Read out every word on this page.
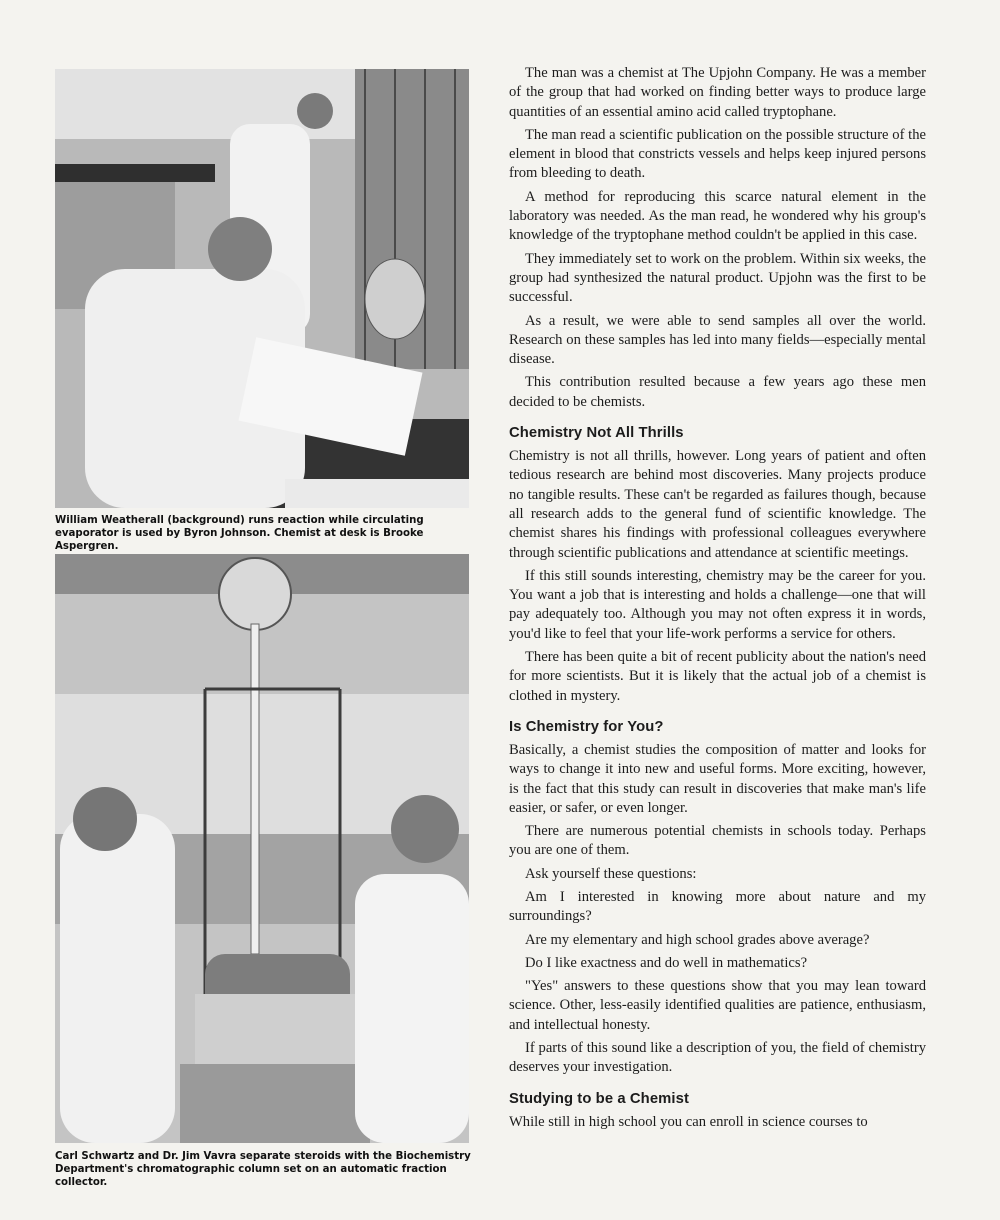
William Weatherall (background) runs reaction while circulating evaporator is used by Byron Johnson. Chemist at desk is Brooke Aspergren.
Carl Schwartz and Dr. Jim Vavra separate steroids with the Biochemistry Department's chromatographic column set on an automatic fraction collector.

The man was a chemist at The Upjohn Company. He was a member of the group that had worked on finding better ways to produce large quantities of an essential amino acid called tryptophane.

The man read a scientific publication on the possible structure of the element in blood that constricts vessels and helps keep injured persons from bleeding to death.

A method for reproducing this scarce natural element in the laboratory was needed. As the man read, he wondered why his group's knowledge of the tryptophane method couldn't be applied in this case.

They immediately set to work on the problem. Within six weeks, the group had synthesized the natural product. Upjohn was the first to be successful.

As a result, we were able to send samples all over the world. Research on these samples has led into many fields—especially mental disease.

This contribution resulted because a few years ago these men decided to be chemists.

Chemistry Not All Thrills

Chemistry is not all thrills, however. Long years of patient and often tedious research are behind most discoveries. Many projects produce no tangible results. These can't be regarded as failures though, because all research adds to the general fund of scientific knowledge. The chemist shares his findings with professional colleagues everywhere through scientific publications and attendance at scientific meetings.

If this still sounds interesting, chemistry may be the career for you. You want a job that is interesting and holds a challenge—one that will pay adequately too. Although you may not often express it in words, you'd like to feel that your life-work performs a service for others.

There has been quite a bit of recent publicity about the nation's need for more scientists. But it is likely that the actual job of a chemist is clothed in mystery.

Is Chemistry for You?

Basically, a chemist studies the composition of matter and looks for ways to change it into new and useful forms. More exciting, however, is the fact that this study can result in discoveries that make man's life easier, or safer, or even longer.

There are numerous potential chemists in schools today. Perhaps you are one of them.

Ask yourself these questions:

Am I interested in knowing more about nature and my surroundings?

Are my elementary and high school grades above average?

Do I like exactness and do well in mathematics?

"Yes" answers to these questions show that you may lean toward science. Other, less-easily identified qualities are patience, enthusiasm, and intellectual honesty.

If parts of this sound like a description of you, the field of chemistry deserves your investigation.

Studying to be a Chemist

While still in high school you can enroll in science courses to
